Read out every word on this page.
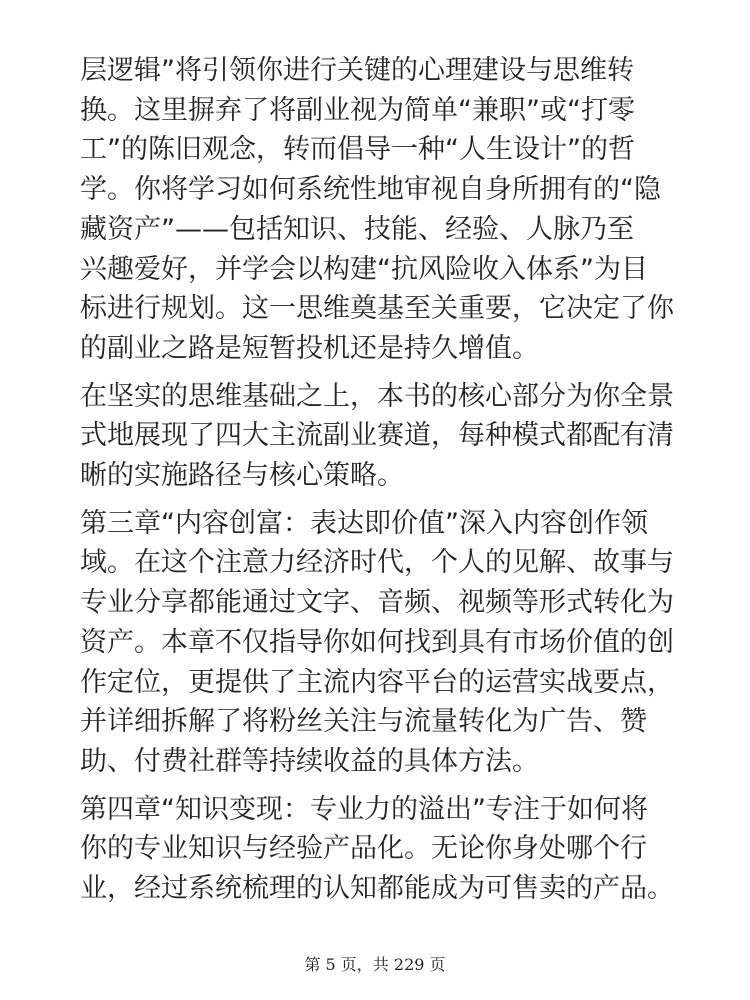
层逻辑”将引领你进行关键的心理建设与思维转
换。这里摒弃了将副业视为简单“兼职”或“打零
工”的陈旧观念，转而倡导一种“人生设计”的哲
学。你将学习如何系统性地审视自身所拥有的“隐
藏资产”——包括知识、技能、经验、人脉乃至
兴趣爱好，并学会以构建“抗风险收入体系”为目
标进行规划。这一思维奠基至关重要，它决定了你
的副业之路是短暂投机还是持久增值。
在坚实的思维基础之上，本书的核心部分为你全景
式地展现了四大主流副业赛道，每种模式都配有清
晰的实施路径与核心策略。
第三章“内容创富：表达即价值”深入内容创作领
域。在这个注意力经济时代，个人的见解、故事与
专业分享都能通过文字、音频、视频等形式转化为
资产。本章不仅指导你如何找到具有市场价值的创
作定位，更提供了主流内容平台的运营实战要点，
并详细拆解了将粉丝关注与流量转化为广告、赞
助、付费社群等持续收益的具体方法。
第四章“知识变现：专业力的溢出”专注于如何将
你的专业知识与经验产品化。无论你身处哪个行
业，经过系统梳理的认知都能成为可售卖的产品。
第 5 页，共 229 页
